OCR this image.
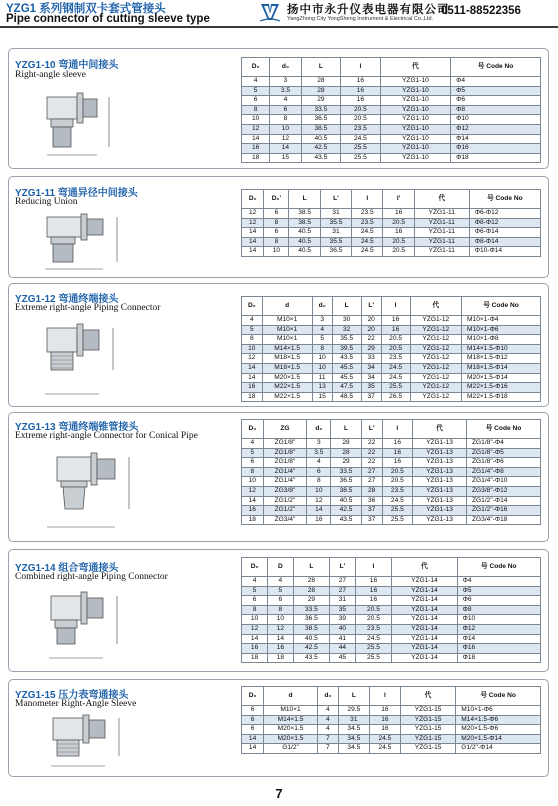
YZG1 系列钢制双卡套式管接头
Pipe connector of cutting sleeve type
扬中市永升仪表电器有限公司
YangZhong City YongSheng Instrument & Electrical Co.,Ltd.
0511-88522356
YZG1-10 弯通中间接头
Right-angle sleeve
D₀	d₀	L	l	代	号 Code No
4	3	28	16	YZG1-10	Φ4
5	3.5	28	16	YZG1-10	Φ5
6	4	29	16	YZG1-10	Φ6
8	6	33.5	20.5	YZG1-10	Φ8
10	8	36.5	20.5	YZG1-10	Φ10
12	10	38.5	23.5	YZG1-10	Φ12
14	12	40.5	24.5	YZG1-10	Φ14
16	14	42.5	25.5	YZG1-10	Φ16
18	15	43.5	25.5	YZG1-10	Φ18
YZG1-11 弯通异径中间接头
Reducing Union	D₀	D₀'	L	L'	l	l'	代	号 Code No
12	6	38.5	31	23.5	16	YZG1-11	Φ6-Φ12
12	8	38.5	35.5	23.5	20.5	YZG1-11	Φ8-Φ12
14	6	40.5	31	24.5	16	YZG1-11	Φ6-Φ14
14	8	40.5	35.5	24.5	20.5	YZG1-11	Φ8-Φ14
14	10	40.5	36.5	24.5	20.5	YZG1-11	Φ10-Φ14
YZG1-12 弯通终端接头
Extreme right-angle Piping Connector	D₀	d	d₀	L	L'	l	代	号 Code No
4	M10×1	3	30	20	16	YZG1-12	M10×1-Φ4
5	M10×1	4	32	20	16	YZG1-12	M10×1-Φ6
8	M10×1	5	35.5	22	20.5	YZG1-12	M10×1-Φ8
10	M14×1.5	8	39.5	29	20.5	YZG1-12	M14×1.5-Φ10
12	M18×1.5	10	43.5	33	23.5	YZG1-12	M18×1.5-Φ12
14	M18×1.5	10	45.5	34	24.5	YZG1-12	M18×1.5-Φ14
14	M20×1.5	11	45.5	34	24.5	YZG1-12	M20×1.5-Φ14
16	M22×1.5	13	47.5	35	25.5	YZG1-12	M22×1.5-Φ16
18	M22×1.5	15	48.5	37	26.5	YZG1-12	M22×1.5-Φ18
YZG1-13 弯通终端锥管接头
Extreme right-angle Connector for Conical Pipe
D₀	ZG	d₀	L	L'	l	代	号 Code No
4	ZG1/8"	3	28	22	16	YZG1-13	ZG1/8"-Φ4
5	ZG1/8"	3.5	28	22	16	YZG1-13	ZG1/8"-Φ5
6	ZG1/8"	4	29	22	16	YZG1-13	ZG1/8"-Φ6
8	ZG1/4"	6	33.5	27	20.5	YZG1-13	ZG1/4"-Φ8
10	ZG1/4"	8	36.5	27	20.5	YZG1-13	ZG1/4"-Φ10
12	ZG3/8"	10	38.5	28	23.5	YZG1-13	ZG3/8"-Φ12
14	ZG1/2"	12	40.5	36	24.5	YZG1-13	ZG1/2"-Φ14
16	ZG1/2"	14	42.5	37	25.5	YZG1-13	ZG1/2"-Φ16
18	ZG3/4"	16	43.5	37	25.5	YZG1-13	ZG3/4"-Φ18
YZG1-14 组合弯通接头
Combined right-angle Piping Connector
D₀	D	L	L'	l	代	号 Code No
4	4	28	27	16	YZG1-14	Φ4
5	5	28	27	16	YZG1-14	Φ5
6	6	29	31	16	YZG1-14	Φ6
8	8	33.5	35	20.5	YZG1-14	Φ8
10	10	36.5	39	20.5	YZG1-14	Φ10
12	12	38.5	40	23.5	YZG1-14	Φ12
14	14	40.5	41	24.5	YZG1-14	Φ14
16	16	42.5	44	25.5	YZG1-14	Φ16
18	18	43.5	45	25.5	YZG1-14	Φ18
YZG1-15 压力表弯通接头
Manometer Right-Angle Sleeve
D₀	d	d₀	L	l	代	号 Code No
6	M10×1	4	29.5	16	YZG1-15	M10×1-Φ6
6	M14×1.5	4	31	16	YZG1-15	M14×1.5-Φ6
6	M20×1.5	4	34.5	16	YZG1-15	M20×1.5-Φ6
14	M20×1.5	7	34.5	24.5	YZG1-15	M20×1.5-Φ14
14	G1/2"	7	34.5	24.5	YZG1-15	G1/2"-Φ14
7
